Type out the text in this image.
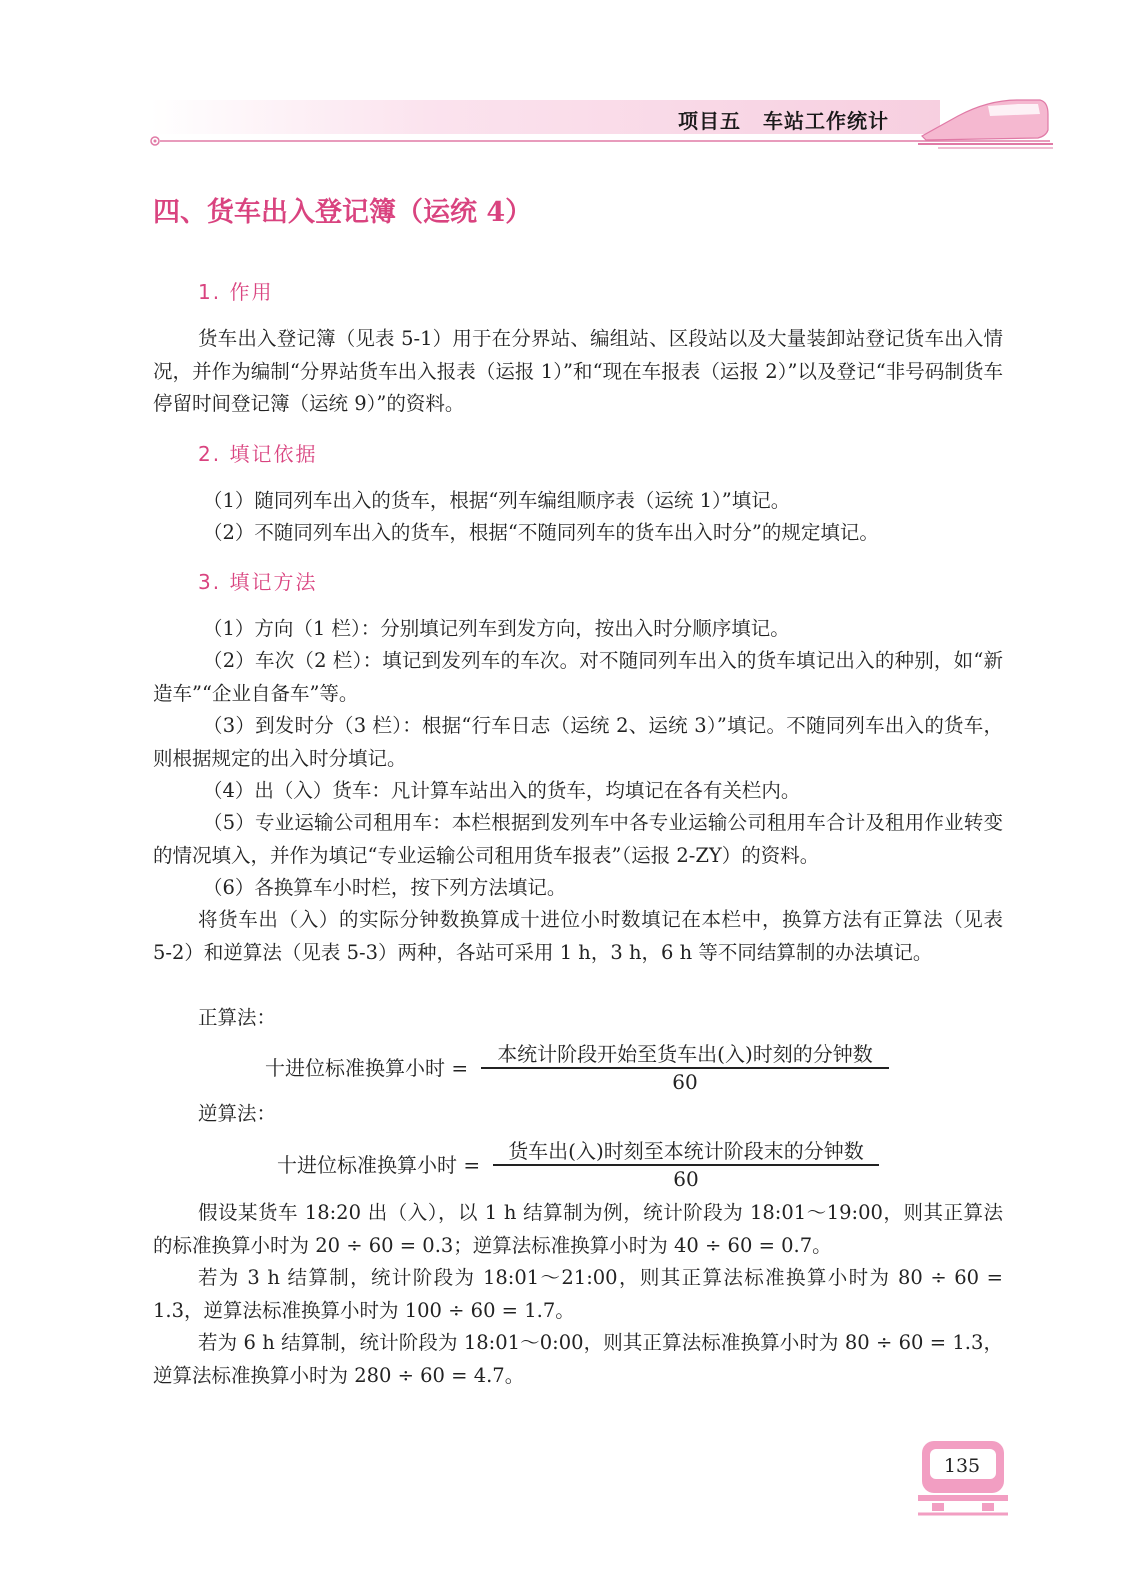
项目五 车站工作统计
四、货车出入登记簿（运统 4）
1. 作用
货车出入登记簿（见表 5-1）用于在分界站、编组站、区段站以及大量装卸站登记货车出入情况，并作为编制“分界站货车出入报表（运报 1）”和“现在车报表（运报 2）”以及登记“非号码制货车停留时间登记簿（运统 9）”的资料。
2. 填记依据
（1）随同列车出入的货车，根据“列车编组顺序表（运统 1）”填记。
（2）不随同列车出入的货车，根据“不随同列车的货车出入时分”的规定填记。
3. 填记方法
（1）方向（1 栏）：分别填记列车到发方向，按出入时分顺序填记。
（2）车次（2 栏）：填记到发列车的车次。对不随同列车出入的货车填记出入的种别，如“新造车”“企业自备车”等。
（3）到发时分（3 栏）：根据“行车日志（运统 2、运统 3）”填记。不随同列车出入的货车，则根据规定的出入时分填记。
（4）出（入）货车：凡计算车站出入的货车，均填记在各有关栏内。
（5）专业运输公司租用车：本栏根据到发列车中各专业运输公司租用车合计及租用作业转变的情况填入，并作为填记“专业运输公司租用货车报表”（运报 2-ZY）的资料。
（6）各换算车小时栏，按下列方法填记。
将货车出（入）的实际分钟数换算成十进位小时数填记在本栏中，换算方法有正算法（见表 5-2）和逆算法（见表 5-3）两种，各站可采用 1 h，3 h，6 h 等不同结算制的办法填记。
正算法：
十进位标准换算小时 =
本统计阶段开始至货车出(入)时刻的分钟数
60
逆算法：
十进位标准换算小时 =
货车出(入)时刻至本统计阶段末的分钟数
60
假设某货车 18:20 出（入），以 1 h 结算制为例，统计阶段为 18:01～19:00，则其正算法的标准换算小时为 20 ÷ 60 = 0.3；逆算法标准换算小时为 40 ÷ 60 = 0.7。
若为 3 h 结算制，统计阶段为 18:01～21:00，则其正算法标准换算小时为 80 ÷ 60 = 1.3，逆算法标准换算小时为 100 ÷ 60 = 1.7。
若为 6 h 结算制，统计阶段为 18:01～0:00，则其正算法标准换算小时为 80 ÷ 60 = 1.3，逆算法标准换算小时为 280 ÷ 60 = 4.7。
135
